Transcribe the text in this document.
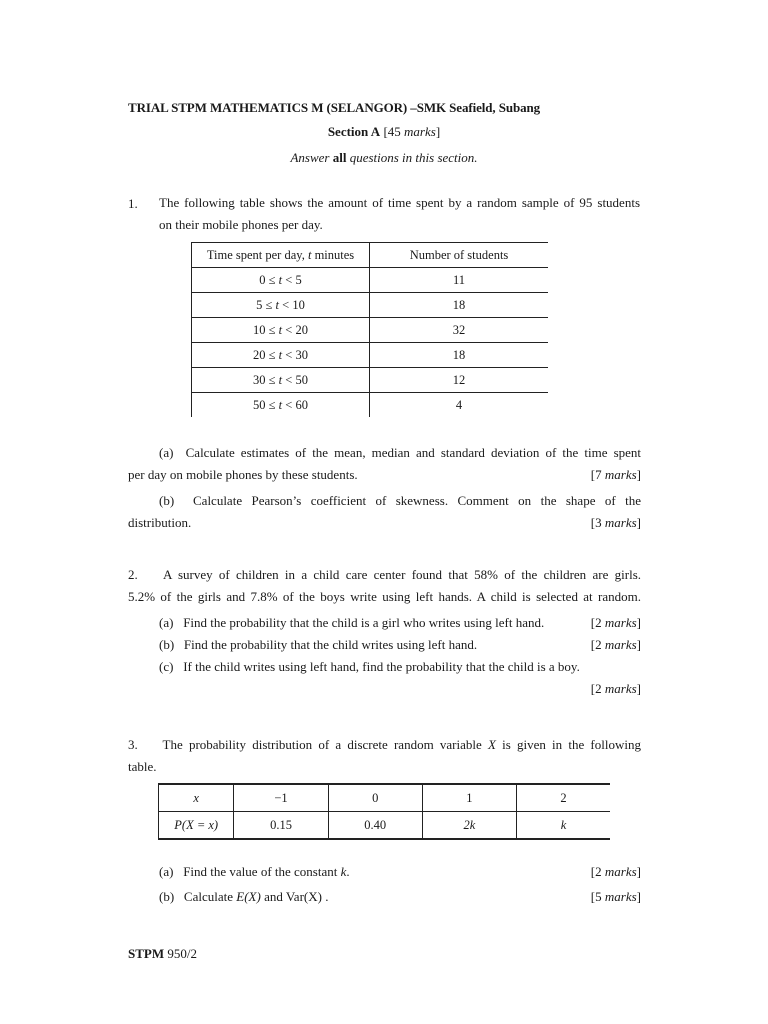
TRIAL STPM MATHEMATICS M (SELANGOR) –SMK Seafield, Subang
Section A [45 marks]
Answer all questions in this section.
1. The following table shows the amount of time spent by a random sample of 95 students
on their mobile phones per day.
Time spent per day, t minutes	Number of students
0 ≤ t < 5	11
5 ≤ t < 10	18
10 ≤ t < 20	32
20 ≤ t < 30	18
30 ≤ t < 50	12
50 ≤ t < 60	4
(a) Calculate estimates of the mean, median and standard deviation of the time spent
per day on mobile phones by these students.	[7 marks]
(b) Calculate Pearson’s coefficient of skewness. Comment on the shape of the
distribution.	[3 marks]
2. A survey of children in a child care center found that 58% of the children are girls.
5.2% of the girls and 7.8% of the boys write using left hands. A child is selected at random.
(a) Find the probability that the child is a girl who writes using left hand.	[2 marks]
(b) Find the probability that the child writes using left hand.	[2 marks]
(c) If the child writes using left hand, find the probability that the child is a boy.
[2 marks]
3. The probability distribution of a discrete random variable X is given in the following
table.
x	−1	0	1	2
P(X = x)	0.15	0.40	2k	k
(a) Find the value of the constant k.	[2 marks]
(b) Calculate E(X) and Var(X) .	[5 marks]
STPM 950/2
